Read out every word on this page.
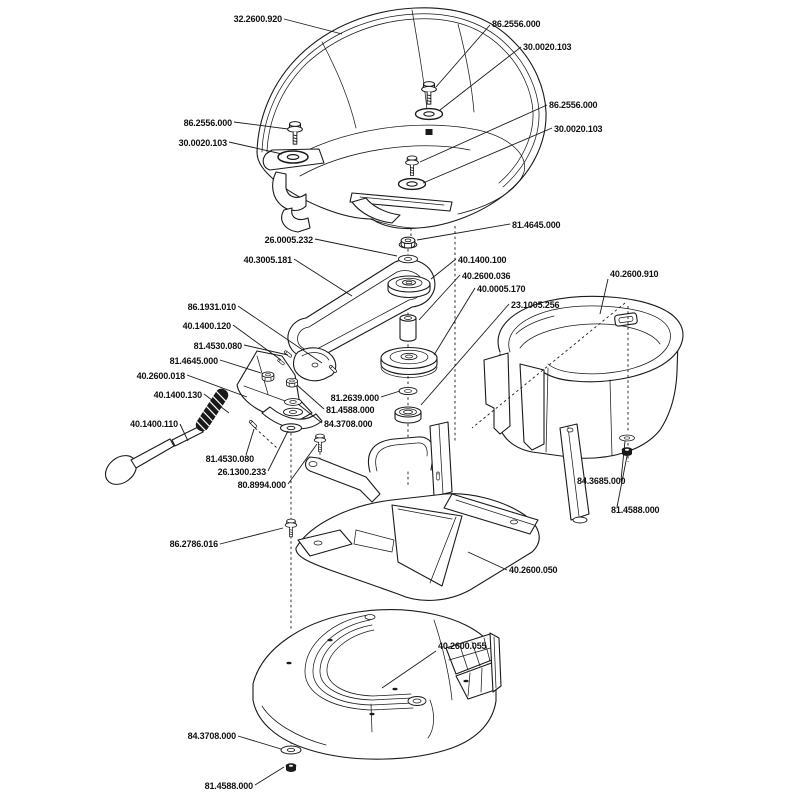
32.2600.920	86.2556.000
30.0020.103
86.2556.000
30.0020.103
86.2556.000
30.0020.103
81.4645.000
26.0005.232
40.3005.181	40.1400.100
40.2600.036
40.0005.170
23.1005.256
40.2600.910
86.1931.010
40.1400.120
81.4530.080
81.4645.000
40.2600.018
40.1400.130
40.1400.110
81.2639.000
81.4588.000
84.3708.000
81.4530.080
26.1300.233
80.8994.000	84.3685.000
81.4588.000
86.2786.016
40.2600.050
40.2600.055
84.3708.000
81.4588.000
